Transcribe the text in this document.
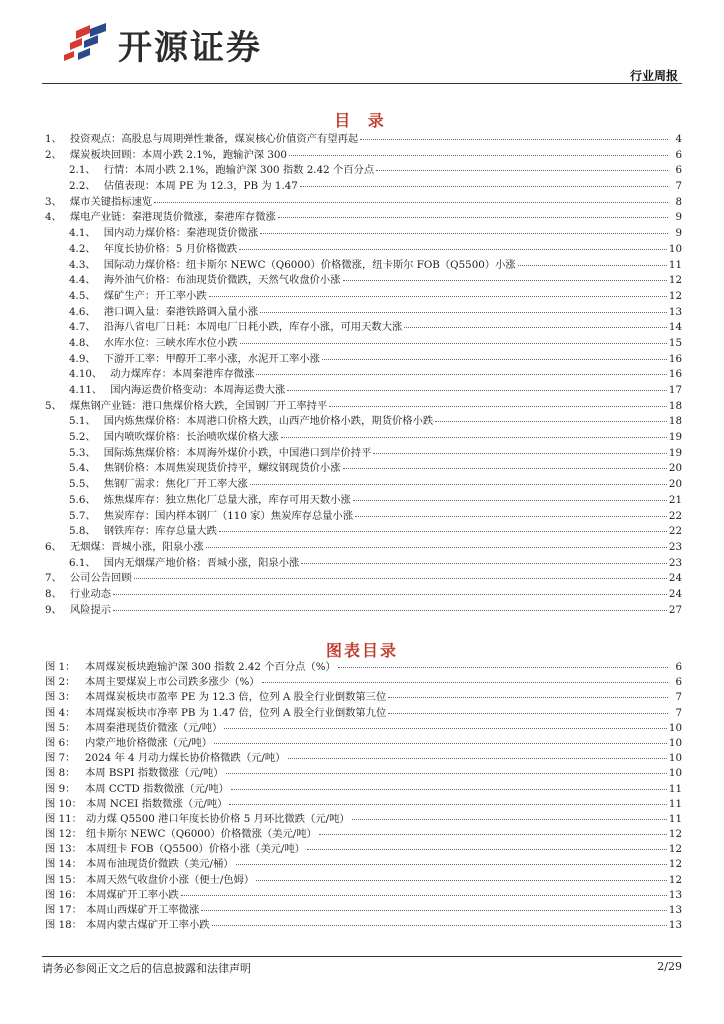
开源证券
行业周报
目 录
1、 投资观点：高股息与周期弹性兼备，煤炭核心价值资产有望再起	4
2、 煤炭板块回顾：本周小跌 2.1%，跑输沪深 300	6
2.1、 行情：本周小跌 2.1%，跑输沪深 300 指数 2.42 个百分点	6
2.2、 估值表现：本周 PE 为 12.3，PB 为 1.47	7
3、 煤市关键指标速览	8
4、 煤电产业链：秦港现货价微涨，秦港库存微涨	9
4.1、 国内动力煤价格：秦港现货价微涨	9
4.2、 年度长协价格：5 月价格微跌	10
4.3、 国际动力煤价格：纽卡斯尔 NEWC（Q6000）价格微涨，纽卡斯尔 FOB（Q5500）小涨	11
4.4、 海外油气价格：布油现货价微跌，天然气收盘价小涨	12
4.5、 煤矿生产：开工率小跌	12
4.6、 港口调入量：秦港铁路调入量小涨	13
4.7、 沿海八省电厂日耗：本周电厂日耗小跌，库存小涨，可用天数大涨	14
4.8、 水库水位：三峡水库水位小跌	15
4.9、 下游开工率：甲醇开工率小涨，水泥开工率小涨	16
4.10、 动力煤库存：本周秦港库存微涨	16
4.11、 国内海运费价格变动：本周海运费大涨	17
5、 煤焦钢产业链：港口焦煤价格大跌，全国钢厂开工率持平	18
5.1、 国内炼焦煤价格：本周港口价格大跌，山西产地价格小跌，期货价格小跌	18
5.2、 国内喷吹煤价格：长治喷吹煤价格大涨	19
5.3、 国际炼焦煤价格：本周海外煤价小跌，中国港口到岸价持平	19
5.4、 焦钢价格：本周焦炭现货价持平，螺纹钢现货价小涨	20
5.5、 焦钢厂需求：焦化厂开工率大涨	20
5.6、 炼焦煤库存：独立焦化厂总量大涨，库存可用天数小涨	21
5.7、 焦炭库存：国内样本钢厂（110 家）焦炭库存总量小涨	22
5.8、 钢铁库存：库存总量大跌	22
6、 无烟煤：晋城小涨，阳泉小涨	23
6.1、 国内无烟煤产地价格：晋城小涨，阳泉小涨	23
7、 公司公告回顾	24
8、 行业动态	24
9、 风险提示	27
图表目录
图 1： 本周煤炭板块跑输沪深 300 指数 2.42 个百分点（%）	6
图 2： 本周主要煤炭上市公司跌多涨少（%）	6
图 3： 本周煤炭板块市盈率 PE 为 12.3 倍，位列 A 股全行业倒数第三位	7
图 4： 本周煤炭板块市净率 PB 为 1.47 倍，位列 A 股全行业倒数第九位	7
图 5： 本周秦港现货价微涨（元/吨）	10
图 6： 内蒙产地价格微涨（元/吨）	10
图 7： 2024 年 4 月动力煤长协价格微跌（元/吨）	10
图 8： 本周 BSPI 指数微涨（元/吨）	10
图 9： 本周 CCTD 指数微涨（元/吨）	11
图 10： 本周 NCEI 指数微涨（元/吨）	11
图 11： 动力煤 Q5500 港口年度长协价格 5 月环比微跌（元/吨）	11
图 12： 纽卡斯尔 NEWC（Q6000）价格微涨（美元/吨）	12
图 13： 本周纽卡 FOB（Q5500）价格小涨（美元/吨）	12
图 14： 本周布油现货价微跌（美元/桶）	12
图 15： 本周天然气收盘价小涨（便士/色姆）	12
图 16： 本周煤矿开工率小跌	13
图 17： 本周山西煤矿开工率微涨	13
图 18： 本周内蒙古煤矿开工率小跌	13
请务必参阅正文之后的信息披露和法律声明	2/29
